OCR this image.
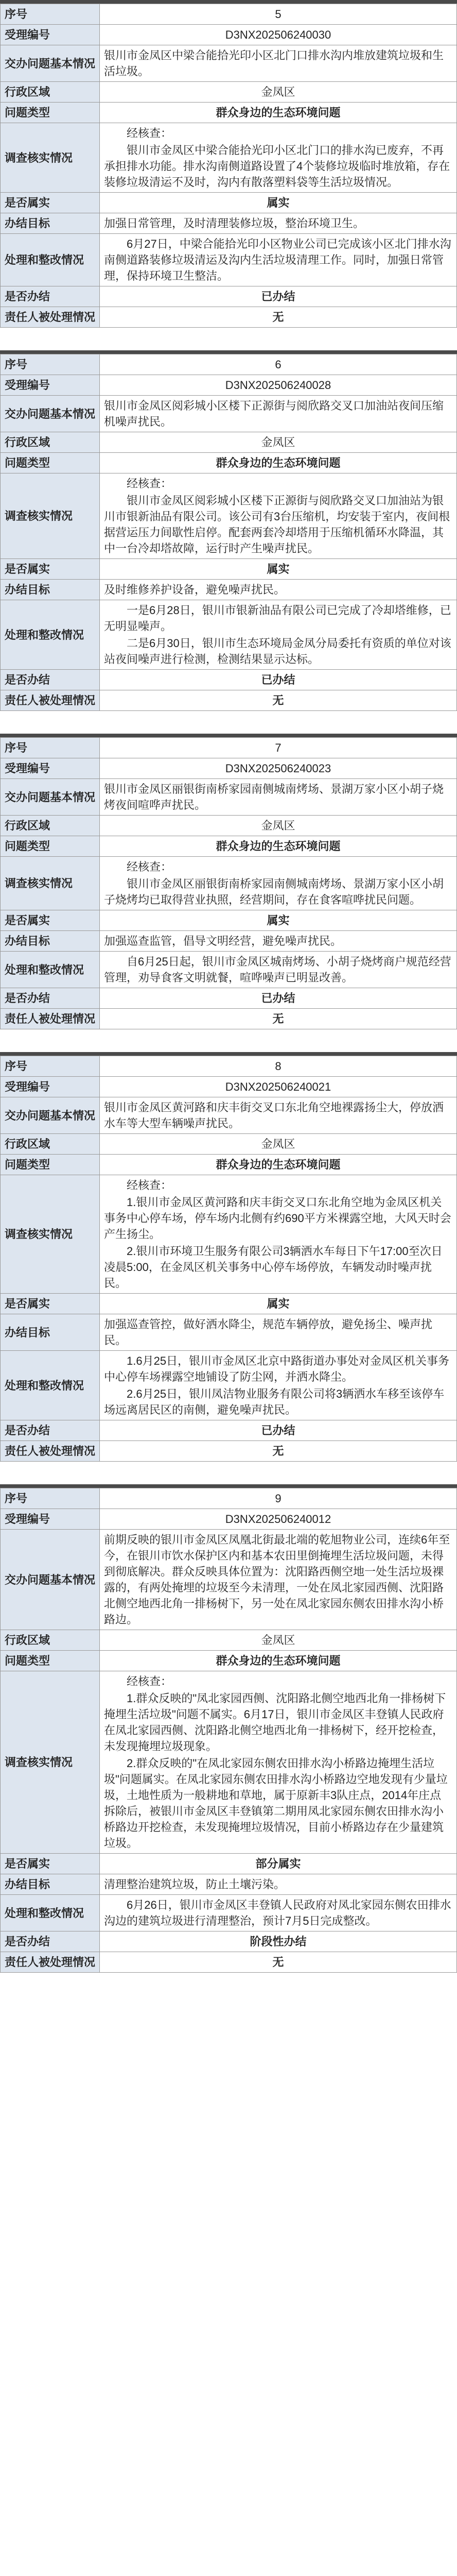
序号	5
受理编号	D3NX202506240030
交办问题基本情况	银川市金凤区中梁合能拾光印小区北门口排水沟内堆放建筑垃圾和生活垃圾。
行政区域	金凤区
问题类型	群众身边的生态环境问题
调查核实情况	经核查：

银川市金凤区中梁合能拾光印小区北门口的排水沟已废弃，不再承担排水功能。排水沟南侧道路设置了4个装修垃圾临时堆放箱，存在装修垃圾清运不及时，沟内有散落塑料袋等生活垃圾情况。

是否属实	属实
办结目标	加强日常管理，及时清理装修垃圾，整治环境卫生。
处理和整改情况	6月27日，中梁合能拾光印小区物业公司已完成该小区北门排水沟南侧道路装修垃圾清运及沟内生活垃圾清理工作。同时，加强日常管理，保持环境卫生整洁。

是否办结	已办结
责任人被处理情况	无
序号	6
受理编号	D3NX202506240028
交办问题基本情况	银川市金凤区阅彩城小区楼下正源街与阅欣路交叉口加油站夜间压缩机噪声扰民。
行政区域	金凤区
问题类型	群众身边的生态环境问题
调查核实情况	经核查：

银川市金凤区阅彩城小区楼下正源街与阅欣路交叉口加油站为银川市银新油品有限公司。该公司有3台压缩机，均安装于室内，夜间根据营运压力间歇性启停。配套两套冷却塔用于压缩机循环水降温，其中一台冷却塔故障，运行时产生噪声扰民。

是否属实	属实
办结目标	及时维修养护设备，避免噪声扰民。
处理和整改情况	一是6月28日，银川市银新油品有限公司已完成了冷却塔维修，已无明显噪声。

二是6月30日，银川市生态环境局金凤分局委托有资质的单位对该站夜间噪声进行检测，检测结果显示达标。

是否办结	已办结
责任人被处理情况	无
序号	7
受理编号	D3NX202506240023
交办问题基本情况	银川市金凤区丽银街南桥家园南侧城南烤场、景湖万家小区小胡子烧烤夜间喧哗声扰民。
行政区域	金凤区
问题类型	群众身边的生态环境问题
调查核实情况	经核查：

银川市金凤区丽银街南桥家园南侧城南烤场、景湖万家小区小胡子烧烤均已取得营业执照，经营期间，存在食客喧哗扰民问题。

是否属实	属实
办结目标	加强巡查监管，倡导文明经营，避免噪声扰民。
处理和整改情况	自6月25日起，银川市金凤区城南烤场、小胡子烧烤商户规范经营管理，劝导食客文明就餐，喧哗噪声已明显改善。

是否办结	已办结
责任人被处理情况	无
序号	8
受理编号	D3NX202506240021
交办问题基本情况	银川市金凤区黄河路和庆丰街交叉口东北角空地裸露扬尘大，停放洒水车等大型车辆噪声扰民。
行政区域	金凤区
问题类型	群众身边的生态环境问题
调查核实情况	经核查：

1.银川市金凤区黄河路和庆丰街交叉口东北角空地为金凤区机关事务中心停车场，停车场内北侧有约690平方米裸露空地，大风天时会产生扬尘。

2.银川市环境卫生服务有限公司3辆洒水车每日下午17:00至次日凌晨5:00，在金凤区机关事务中心停车场停放，车辆发动时噪声扰民。

是否属实	属实
办结目标	加强巡查管控，做好洒水降尘，规范车辆停放，避免扬尘、噪声扰民。
处理和整改情况	1.6月25日，银川市金凤区北京中路街道办事处对金凤区机关事务中心停车场裸露空地铺设了防尘网，并洒水降尘。

2.6月25日，银川凤洁物业服务有限公司将3辆洒水车移至该停车场远离居民区的南侧，避免噪声扰民。

是否办结	已办结
责任人被处理情况	无
序号	9
受理编号	D3NX202506240012
交办问题基本情况	前期反映的银川市金凤区凤凰北街最北端的乾旭物业公司，连续6年至今，在银川市饮水保护区内和基本农田里倒掩埋生活垃圾问题，未得到彻底解决。群众反映具体位置为：沈阳路西侧空地一处生活垃圾裸露的，有两处掩埋的垃圾至今未清理，一处在凤北家园西侧、沈阳路北侧空地西北角一排杨树下，另一处在凤北家园东侧农田排水沟小桥路边。
行政区域	金凤区
问题类型	群众身边的生态环境问题
调查核实情况	经核查：

1.群众反映的"凤北家园西侧、沈阳路北侧空地西北角一排杨树下掩埋生活垃圾"问题不属实。6月17日，银川市金凤区丰登镇人民政府在凤北家园西侧、沈阳路北侧空地西北角一排杨树下，经开挖检查，未发现掩埋垃圾现象。

2.群众反映的"在凤北家园东侧农田排水沟小桥路边掩埋生活垃圾"问题属实。在凤北家园东侧农田排水沟小桥路边空地发现有少量垃圾，土地性质为一般耕地和草地，属于原新丰3队庄点，2014年庄点拆除后，被银川市金凤区丰登镇第二期用凤北家园东侧农田排水沟小桥路边开挖检查，未发现掩埋垃圾情况，目前小桥路边存在少量建筑垃圾。

是否属实	部分属实
办结目标	清理整治建筑垃圾，防止土壤污染。
处理和整改情况	6月26日，银川市金凤区丰登镇人民政府对凤北家园东侧农田排水沟边的建筑垃圾进行清理整治，预计7月5日完成整改。

是否办结	阶段性办结
责任人被处理情况	无
